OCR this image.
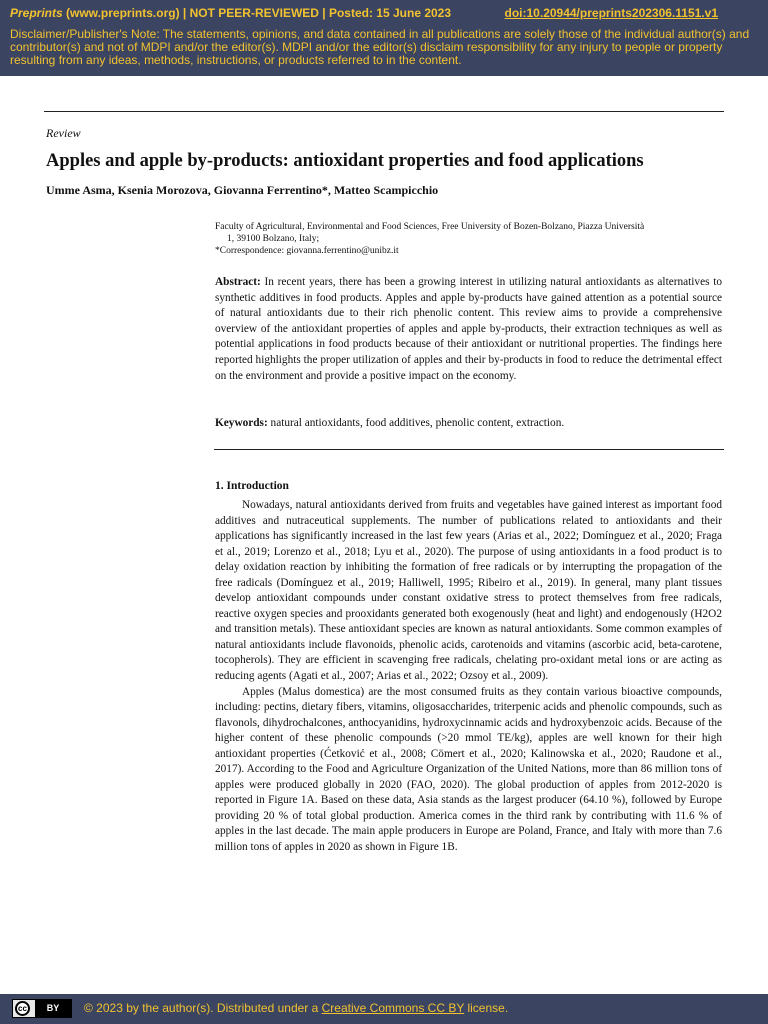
Preprints (www.preprints.org) | NOT PEER-REVIEWED | Posted: 15 June 2023	doi:10.20944/preprints202306.1151.v1
Disclaimer/Publisher's Note: The statements, opinions, and data contained in all publications are solely those of the individual author(s) and contributor(s) and not of MDPI and/or the editor(s). MDPI and/or the editor(s) disclaim responsibility for any injury to people or property resulting from any ideas, methods, instructions, or products referred to in the content.
Review
Apples and apple by-products: antioxidant properties and food applications
Umme Asma, Ksenia Morozova, Giovanna Ferrentino*, Matteo Scampicchio
Faculty of Agricultural, Environmental and Food Sciences, Free University of Bozen-Bolzano, Piazza Università
1, 39100 Bolzano, Italy;
*Correspondence: giovanna.ferrentino@unibz.it
Abstract: In recent years, there has been a growing interest in utilizing natural antioxidants as alternatives to synthetic additives in food products. Apples and apple by-products have gained attention as a potential source of natural antioxidants due to their rich phenolic content. This review aims to provide a comprehensive overview of the antioxidant properties of apples and apple by-products, their extraction techniques as well as potential applications in food products because of their antioxidant or nutritional properties. The findings here reported highlights the proper utilization of apples and their by-products in food to reduce the detrimental effect on the environment and provide a positive impact on the economy.
Keywords: natural antioxidants, food additives, phenolic content, extraction.
1. Introduction

Nowadays, natural antioxidants derived from fruits and vegetables have gained interest as important food additives and nutraceutical supplements. The number of publications related to antioxidants and their applications has significantly increased in the last few years (Arias et al., 2022; Domínguez et al., 2020; Fraga et al., 2019; Lorenzo et al., 2018; Lyu et al., 2020). The purpose of using antioxidants in a food product is to delay oxidation reaction by inhibiting the formation of free radicals or by interrupting the propagation of the free radicals (Domínguez et al., 2019; Halliwell, 1995; Ribeiro et al., 2019). In general, many plant tissues develop antioxidant compounds under constant oxidative stress to protect themselves from free radicals, reactive oxygen species and prooxidants generated both exogenously (heat and light) and endogenously (H2O2 and transition metals). These antioxidant species are known as natural antioxidants. Some common examples of natural antioxidants include flavonoids, phenolic acids, carotenoids and vitamins (ascorbic acid, beta-carotene, tocopherols). They are efficient in scavenging free radicals, chelating pro-oxidant metal ions or are acting as reducing agents (Agati et al., 2007; Arias et al., 2022; Ozsoy et al., 2009).

Apples (Malus domestica) are the most consumed fruits as they contain various bioactive compounds, including: pectins, dietary fibers, vitamins, oligosaccharides, triterpenic acids and phenolic compounds, such as flavonols, dihydrochalcones, anthocyanidins, hydroxycinnamic acids and hydroxybenzoic acids. Because of the higher content of these phenolic compounds (>20 mmol TE/kg), apples are well known for their high antioxidant properties (Ćetković et al., 2008; Cömert et al., 2020; Kalinowska et al., 2020; Raudone et al., 2017). According to the Food and Agriculture Organization of the United Nations, more than 86 million tons of apples were produced globally in 2020 (FAO, 2020). The global production of apples from 2012-2020 is reported in Figure 1A. Based on these data, Asia stands as the largest producer (64.10 %), followed by Europe providing 20 % of total global production. America comes in the third rank by contributing with 11.6 % of apples in the last decade. The main apple producers in Europe are Poland, France, and Italy with more than 7.6 million tons of apples in 2020 as shown in Figure 1B.

cc	BY	© 2023 by the author(s). Distributed under a Creative Commons CC BY license.
